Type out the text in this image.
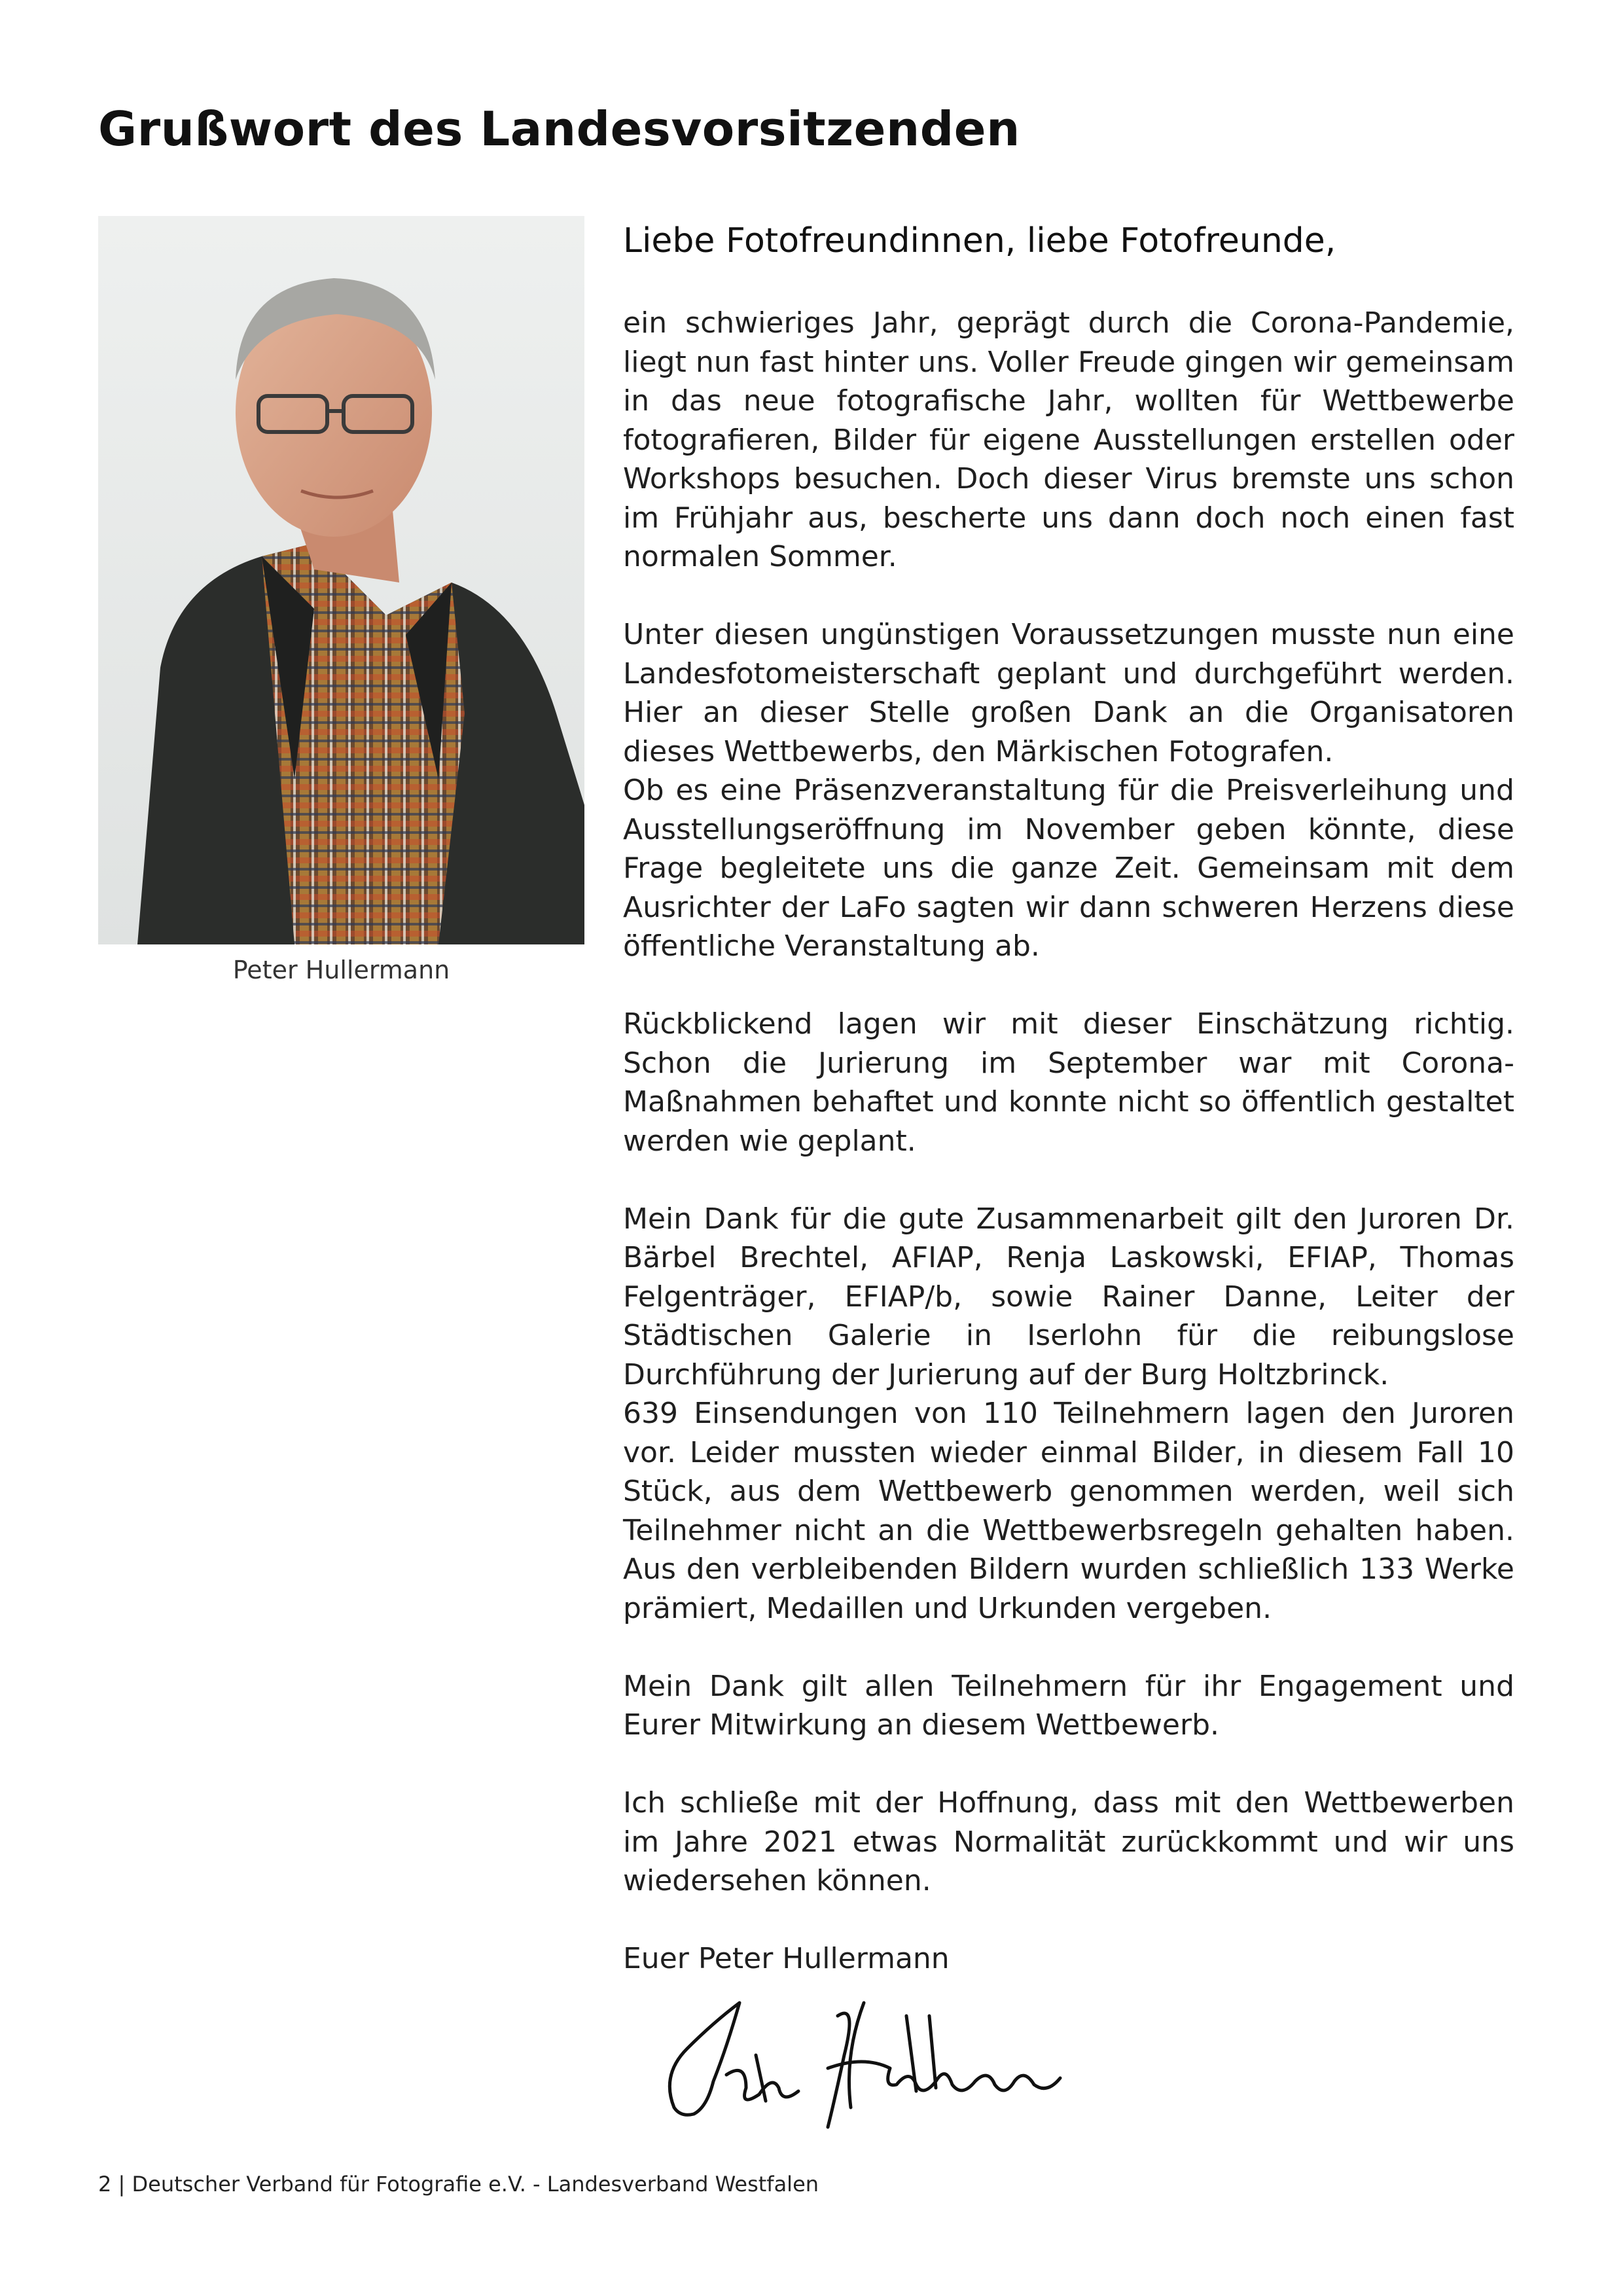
Grußwort des Landesvorsitzenden
Peter Hullermann
Liebe Fotofreundinnen, liebe Fotofreunde,

ein schwieriges Jahr, geprägt durch die Corona-Pandemie, liegt nun fast hinter uns. Voller Freude gingen wir gemeinsam in das neue fotografische Jahr, wollten für Wettbewerbe fotografieren, Bilder für eigene Ausstellungen erstellen oder Workshops besuchen. Doch dieser Virus bremste uns schon im Frühjahr aus, bescherte uns dann doch noch einen fast normalen Sommer.

Unter diesen ungünstigen Voraussetzungen musste nun eine Landesfotomeisterschaft geplant und durchgeführt werden. Hier an dieser Stelle großen Dank an die Organisatoren dieses Wettbewerbs, den Märkischen Fotografen.

Ob es eine Präsenzveranstaltung für die Preisverleihung und Ausstellungseröffnung im November geben könnte, diese Frage begleitete uns die ganze Zeit. Gemeinsam mit dem Ausrichter der LaFo sagten wir dann schweren Herzens diese öffentliche Veranstaltung ab.

Rückblickend lagen wir mit dieser Einschätzung richtig. Schon die Jurierung im September war mit Corona-Maßnahmen behaftet und konnte nicht so öffentlich gestaltet werden wie geplant.

Mein Dank für die gute Zusammenarbeit gilt den Juroren Dr. Bärbel Brechtel, AFIAP, Renja Laskowski, EFIAP, Thomas Felgenträger, EFIAP/b, sowie Rainer Danne, Leiter der Städtischen Galerie in Iserlohn für die reibungslose Durchführung der Jurierung auf der Burg Holtzbrinck.

639 Einsendungen von 110 Teilnehmern lagen den Juroren vor. Leider mussten wieder einmal Bilder, in diesem Fall 10 Stück, aus dem Wettbewerb genommen werden, weil sich Teilnehmer nicht an die Wettbewerbsregeln gehalten haben. Aus den verbleibenden Bildern wurden schließlich 133 Werke prämiert, Medaillen und Urkunden vergeben.

Mein Dank gilt allen Teilnehmern für ihr Engagement und Eurer Mitwirkung an diesem Wettbewerb.

Ich schließe mit der Hoffnung, dass mit den Wettbewerben im Jahre 2021 etwas Normalität zurückkommt und wir uns wiedersehen können.

Euer Peter Hullermann
2 | Deutscher Verband für Fotografie e.V. - Landesverband Westfalen
